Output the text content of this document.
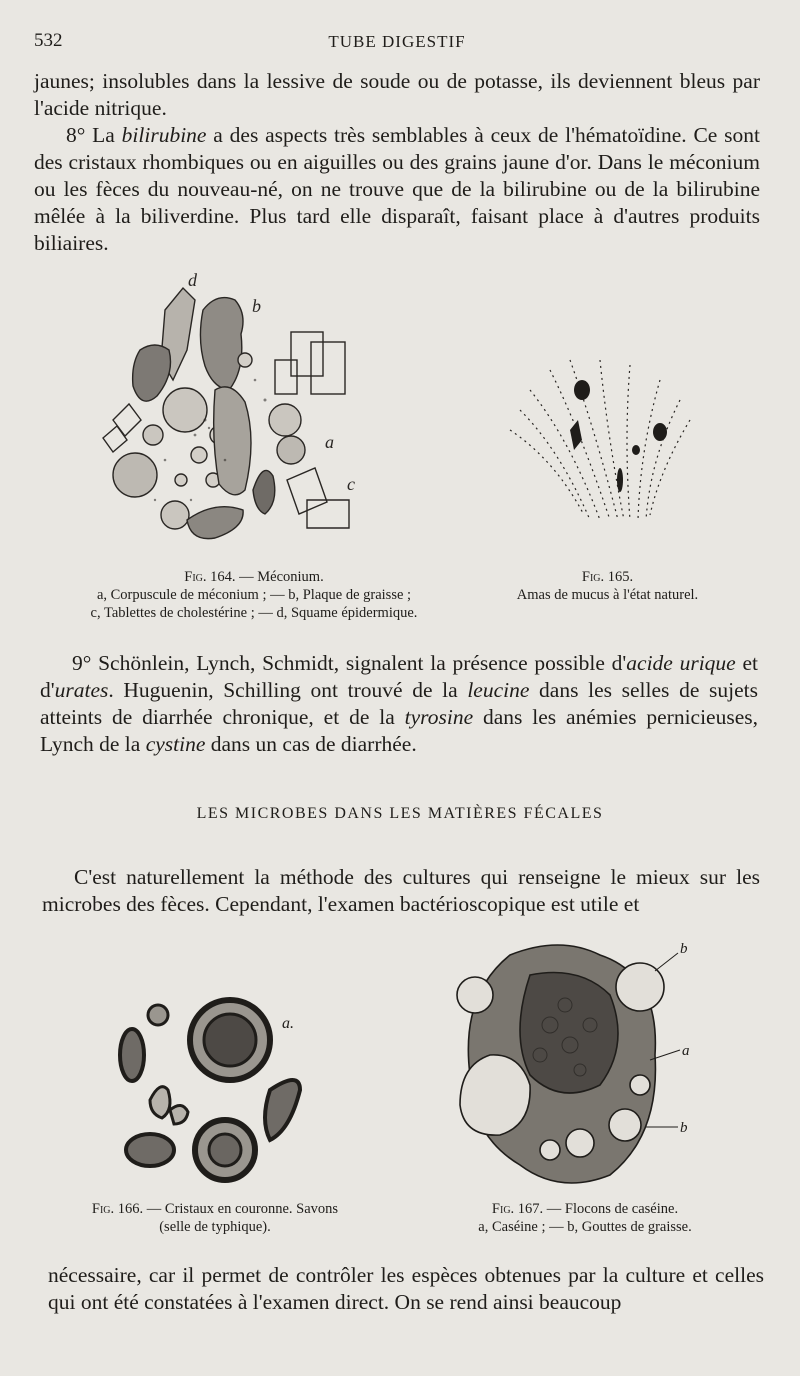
532	TUBE DIGESTIF

jaunes; insolubles dans la lessive de soude ou de potasse, ils deviennent bleus par l'acide nitrique.

8° La bilirubine a des aspects très semblables à ceux de l'hématoïdine. Ce sont des cristaux rhombiques ou en aiguilles ou des grains jaune d'or. Dans le méconium ou les fèces du nouveau-né, on ne trouve que de la bilirubine ou de la bilirubine mêlée à la biliverdine. Plus tard elle disparaît, faisant place à d'autres produits biliaires.

d
b
a
c
Fig. 164. — Méconium.
a, Corpuscule de méconium ; — b, Plaque de graisse ;
c, Tablettes de cholestérine ; — d, Squame épidermique.
Fig. 165.
Amas de mucus à l'état naturel.

9° Schönlein, Lynch, Schmidt, signalent la présence possible d'acide urique et d'urates. Huguenin, Schilling ont trouvé de la leucine dans les selles de sujets atteints de diarrhée chronique, et de la tyrosine dans les anémies pernicieuses, Lynch de la cystine dans un cas de diarrhée.

LES MICROBES DANS LES MATIÈRES FÉCALES

C'est naturellement la méthode des cultures qui renseigne le mieux sur les microbes des fèces. Cependant, l'examen bactérioscopique est utile et

a.
b
a
b
Fig. 166. — Cristaux en couronne. Savons
(selle de typhique).
Fig. 167. — Flocons de caséine.
a, Caséine ; — b, Gouttes de graisse.

nécessaire, car il permet de contrôler les espèces obtenues par la culture et celles qui ont été constatées à l'examen direct. On se rend ainsi beaucoup
